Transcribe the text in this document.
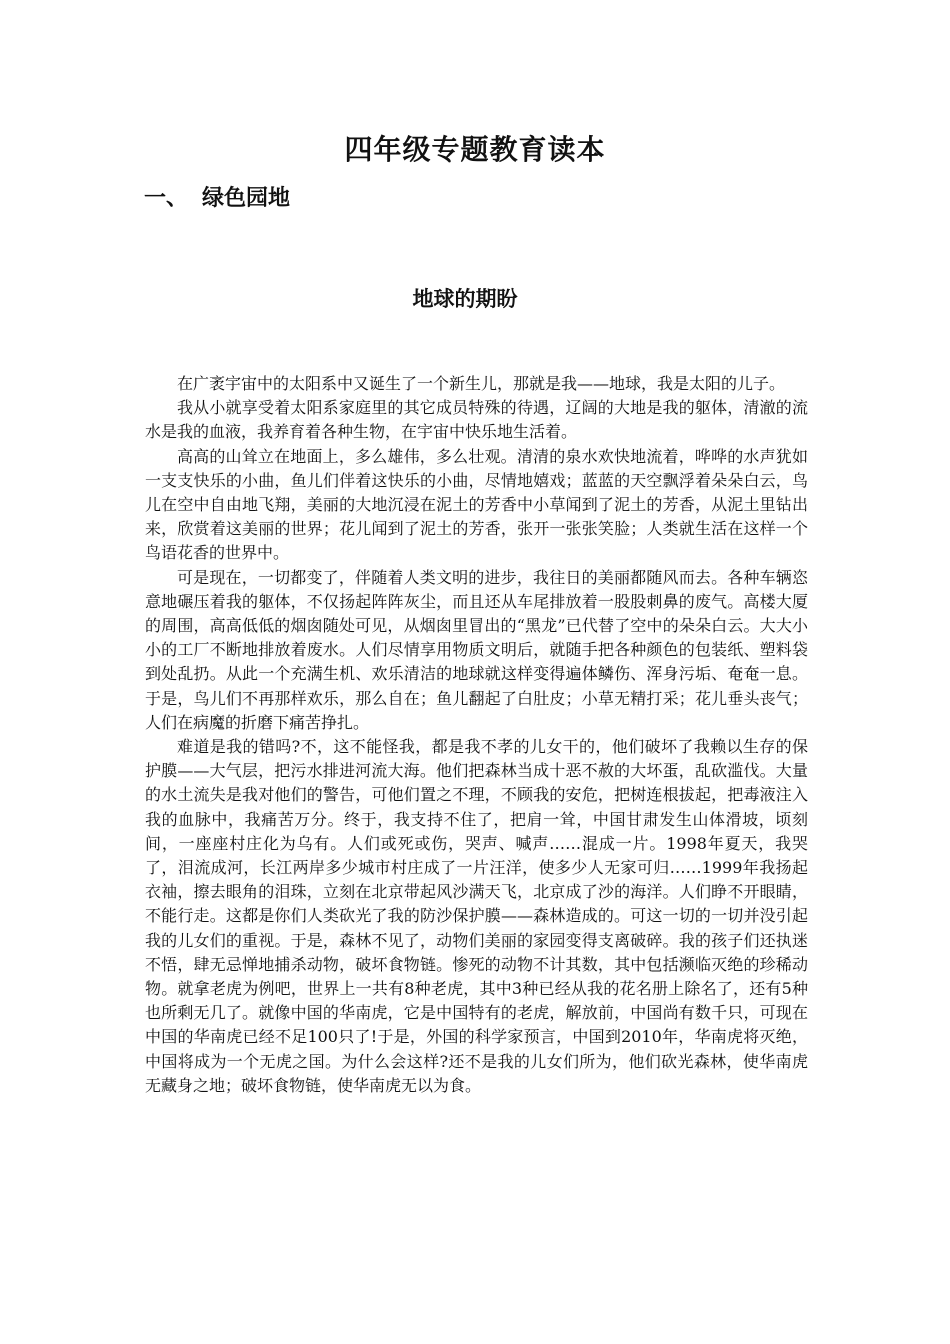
四年级专题教育读本
一、 绿色园地
地球的期盼

在广袤宇宙中的太阳系中又诞生了一个新生儿，那就是我——地球，我是太阳的儿子。

我从小就享受着太阳系家庭里的其它成员特殊的待遇，辽阔的大地是我的躯体，清澈的流水是我的血液，我养育着各种生物，在宇宙中快乐地生活着。

高高的山耸立在地面上，多么雄伟，多么壮观。清清的泉水欢快地流着，哗哗的水声犹如一支支快乐的小曲，鱼儿们伴着这快乐的小曲，尽情地嬉戏；蓝蓝的天空飘浮着朵朵白云，鸟儿在空中自由地飞翔，美丽的大地沉浸在泥土的芳香中小草闻到了泥土的芳香，从泥土里钻出来，欣赏着这美丽的世界；花儿闻到了泥土的芳香，张开一张张笑脸；人类就生活在这样一个鸟语花香的世界中。

可是现在，一切都变了，伴随着人类文明的进步，我往日的美丽都随风而去。各种车辆恣意地碾压着我的躯体，不仅扬起阵阵灰尘，而且还从车尾排放着一股股刺鼻的废气。高楼大厦的周围，高高低低的烟囱随处可见，从烟囱里冒出的“黑龙”已代替了空中的朵朵白云。大大小小的工厂不断地排放着废水。人们尽情享用物质文明后，就随手把各种颜色的包装纸、塑料袋到处乱扔。从此一个充满生机、欢乐清洁的地球就这样变得遍体鳞伤、浑身污垢、奄奄一息。于是，鸟儿们不再那样欢乐，那么自在；鱼儿翻起了白肚皮；小草无精打采；花儿垂头丧气；人们在病魔的折磨下痛苦挣扎。

难道是我的错吗?不，这不能怪我，都是我不孝的儿女干的，他们破坏了我赖以生存的保护膜——大气层，把污水排进河流大海。他们把森林当成十恶不赦的大坏蛋，乱砍滥伐。大量的水土流失是我对他们的警告，可他们置之不理，不顾我的安危，把树连根拔起，把毒液注入我的血脉中，我痛苦万分。终于，我支持不住了，把肩一耸，中国甘肃发生山体滑坡，顷刻间，一座座村庄化为乌有。人们或死或伤，哭声、喊声……混成一片。1998年夏天，我哭了，泪流成河，长江两岸多少城市村庄成了一片汪洋，使多少人无家可归……1999年我扬起衣袖，擦去眼角的泪珠，立刻在北京带起风沙满天飞，北京成了沙的海洋。人们睁不开眼睛，不能行走。这都是你们人类砍光了我的防沙保护膜——森林造成的。可这一切的一切并没引起我的儿女们的重视。于是，森林不见了，动物们美丽的家园变得支离破碎。我的孩子们还执迷不悟，肆无忌惮地捕杀动物，破坏食物链。惨死的动物不计其数，其中包括濒临灭绝的珍稀动物。就拿老虎为例吧，世界上一共有8种老虎，其中3种已经从我的花名册上除名了，还有5种也所剩无几了。就像中国的华南虎，它是中国特有的老虎，解放前，中国尚有数千只，可现在中国的华南虎已经不足100只了!于是，外国的科学家预言，中国到2010年，华南虎将灭绝，中国将成为一个无虎之国。为什么会这样?还不是我的儿女们所为，他们砍光森林，使华南虎无藏身之地；破坏食物链，使华南虎无以为食。
